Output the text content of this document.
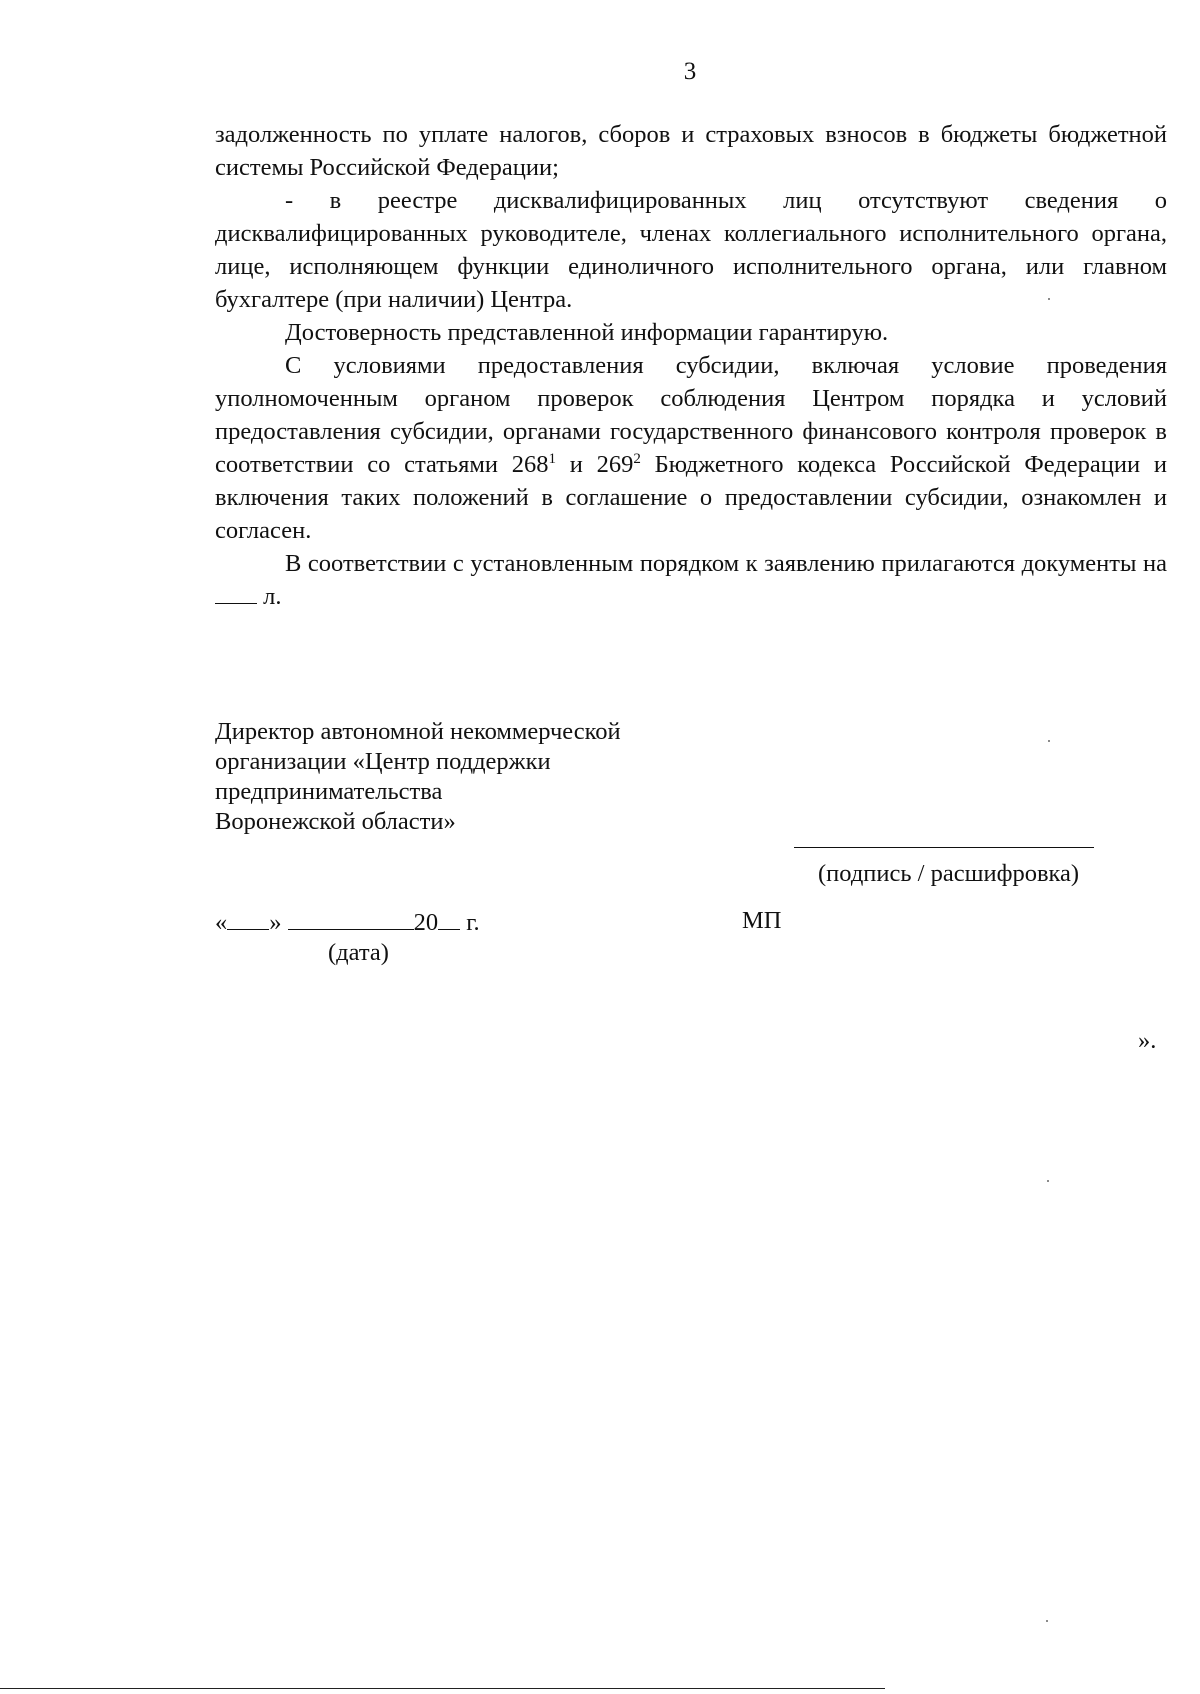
3

задолженность по уплате налогов, сборов и страховых взносов в бюджеты бюджетной системы Российской Федерации;

- в реестре дисквалифицированных лиц отсутствуют сведения о дисквалифицированных руководителе, членах коллегиального исполнительного органа, лице, исполняющем функции единоличного исполнительного органа, или главном бухгалтере (при наличии) Центра.

Достоверность представленной информации гарантирую.

С условиями предоставления субсидии, включая условие проведения уполномоченным органом проверок соблюдения Центром порядка и условий предоставления субсидии, органами государственного финансового контроля проверок в соответствии со статьями $268^1$ и $269^2$ Бюджетного кодекса Российской Федерации и включения таких положений в соглашение о предоставлении субсидии, ознакомлен и согласен.

В соответствии с установленным порядком к заявлению прилагаются документы на  л.

Директор автономной некоммерческой
организации «Центр поддержки
предпринимательства
Воронежской области»
(подпись / расшифровка)
« »	20 г.
(дата)
МП
».
